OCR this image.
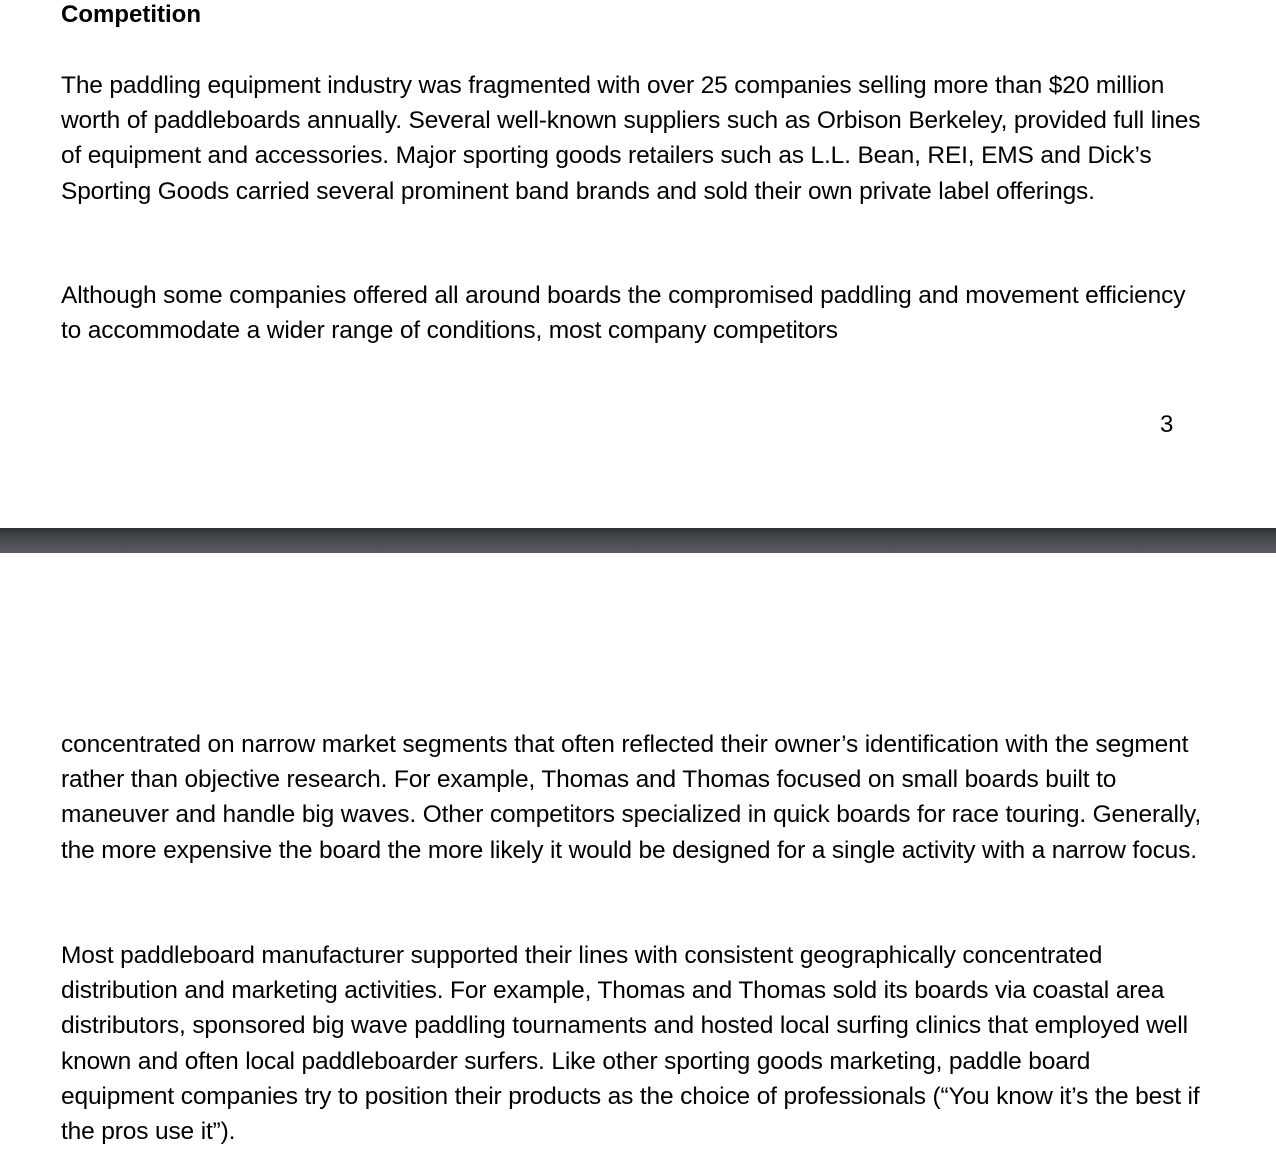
Competition

The paddling equipment industry was fragmented with over 25 companies selling more than $20 million worth of paddleboards annually. Several well-known suppliers such as Orbison Berkeley, provided full lines of equipment and accessories. Major sporting goods retailers such as L.L. Bean, REI, EMS and Dick’s Sporting Goods carried several prominent band brands and sold their own private label offerings.

Although some companies offered all around boards the compromised paddling and movement efficiency to accommodate a wider range of conditions, most company competitors

3

concentrated on narrow market segments that often reflected their owner’s identification with the segment rather than objective research. For example, Thomas and Thomas focused on small boards built to maneuver and handle big waves. Other competitors specialized in quick boards for race touring. Generally, the more expensive the board the more likely it would be designed for a single activity with a narrow focus.

Most paddleboard manufacturer supported their lines with consistent geographically concentrated distribution and marketing activities. For example, Thomas and Thomas sold its boards via coastal area distributors, sponsored big wave paddling tournaments and hosted local surfing clinics that employed well known and often local paddleboarder surfers. Like other sporting goods marketing, paddle board equipment companies try to position their products as the choice of professionals (“You know it’s the best if the pros use it”).
